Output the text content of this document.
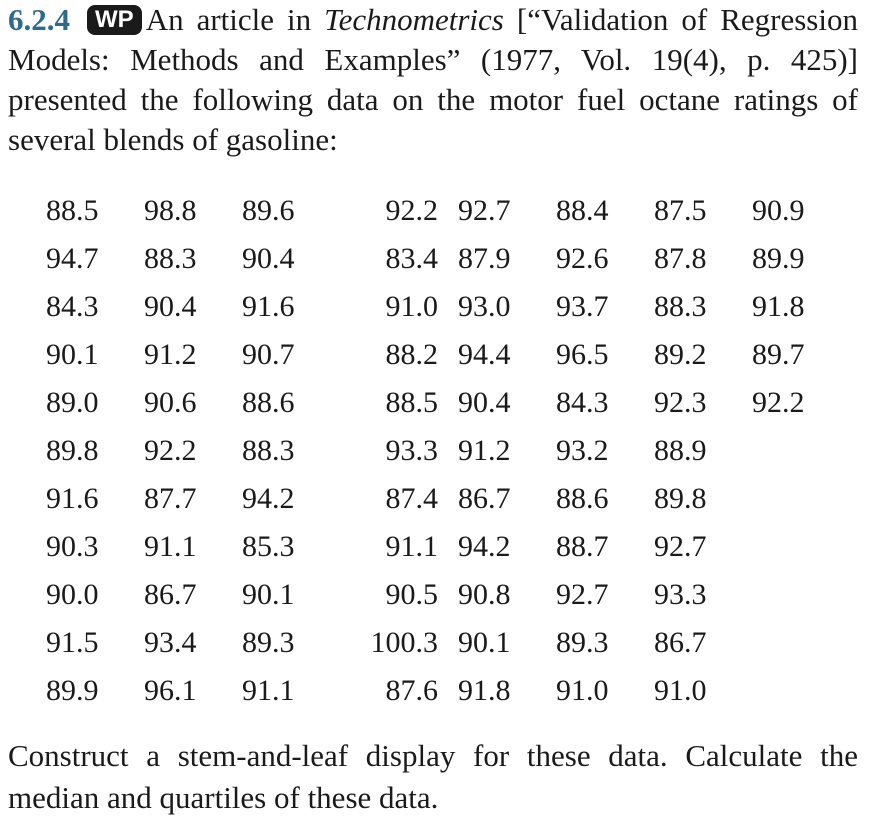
6.2.4 WP An article in Technometrics [“Validation of Regression Models: Methods and Examples” (1977, Vol. 19(4), p. 425)] presented the following data on the motor fuel octane ratings of several blends of gasoline:

88.5	98.8	89.6	92.2	92.7	88.4	87.5	90.9
94.7	88.3	90.4	83.4	87.9	92.6	87.8	89.9
84.3	90.4	91.6	91.0	93.0	93.7	88.3	91.8
90.1	91.2	90.7	88.2	94.4	96.5	89.2	89.7
89.0	90.6	88.6	88.5	90.4	84.3	92.3	92.2
89.8	92.2	88.3	93.3	91.2	93.2	88.9	
91.6	87.7	94.2	87.4	86.7	88.6	89.8	
90.3	91.1	85.3	91.1	94.2	88.7	92.7	
90.0	86.7	90.1	90.5	90.8	92.7	93.3	
91.5	93.4	89.3	100.3	90.1	89.3	86.7	
89.9	96.1	91.1	87.6	91.8	91.0	91.0	

Construct a stem-and-leaf display for these data. Calculate the median and quartiles of these data.
